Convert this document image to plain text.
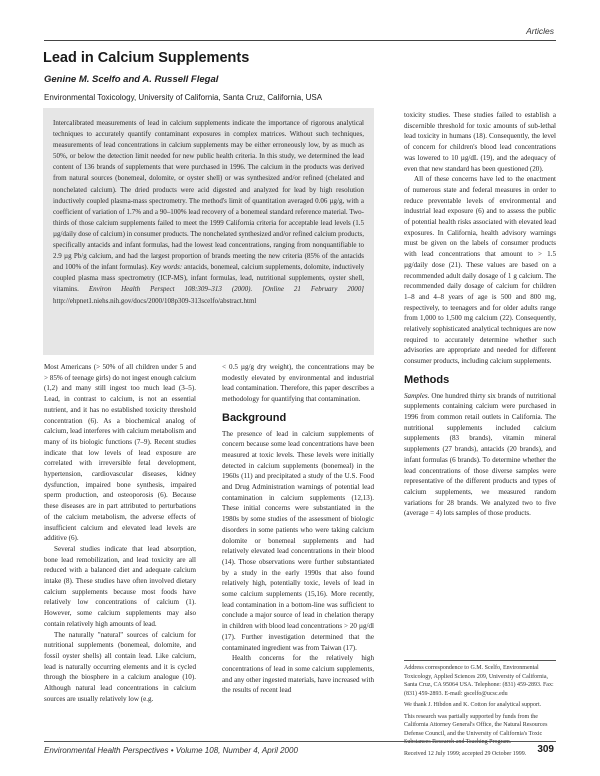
Articles
Lead in Calcium Supplements
Genine M. Scelfo and A. Russell Flegal
Environmental Toxicology, University of California, Santa Cruz, California, USA

Intercalibrated measurements of lead in calcium supplements indicate the importance of rigorous analytical techniques to accurately quantify contaminant exposures in complex matrices. Without such techniques, measurements of lead concentrations in calcium supplements may be either erroneously low, by as much as 50%, or below the detection limit needed for new public health criteria. In this study, we determined the lead content of 136 brands of supplements that were purchased in 1996. The calcium in the products was derived from natural sources (bonemeal, dolomite, or oyster shell) or was synthesized and/or refined (chelated and nonchelated calcium). The dried products were acid digested and analyzed for lead by high resolution inductively coupled plasma-mass spectrometry. The method's limit of quantitation averaged 0.06 µg/g, with a coefficient of variation of 1.7% and a 90–100% lead recovery of a bonemeal standard reference material. Two-thirds of those calcium supplements failed to meet the 1999 California criteria for acceptable lead levels (1.5 µg/daily dose of calcium) in consumer products. The nonchelated synthesized and/or refined calcium products, specifically antacids and infant formulas, had the lowest lead concentrations, ranging from nonquantifiable to 2.9 µg Pb/g calcium, and had the largest proportion of brands meeting the new criteria (85% of the antacids and 100% of the infant formulas). Key words: antacids, bonemeal, calcium supplements, dolomite, inductively coupled plasma mass spectrometry (ICP-MS), infant formulas, lead, nutritional supplements, oyster shell, vitamins. Environ Health Perspect 108:309–313 (2000). [Online 21 February 2000] http://ehpnet1.niehs.nih.gov/docs/2000/108p309-313scelfo/abstract.html

Most Americans (> 50% of all children under 5 and > 85% of teenage girls) do not ingest enough calcium (1,2) and many still ingest too much lead (3–5). Lead, in contrast to calcium, is not an essential nutrient, and it has no established toxicity threshold concentration (6). As a biochemical analog of calcium, lead interferes with calcium metabolism and many of its biologic functions (7–9). Recent studies indicate that low levels of lead exposure are correlated with irreversible fetal development, hypertension, cardiovascular diseases, kidney dysfunction, impaired bone synthesis, impaired sperm production, and osteoporosis (6). Because these diseases are in part attributed to perturbations of the calcium metabolism, the adverse effects of insufficient calcium and elevated lead levels are additive (6).

Several studies indicate that lead absorption, bone lead remobilization, and lead toxicity are all reduced with a balanced diet and adequate calcium intake (8). These studies have often involved dietary calcium supplements because most foods have relatively low concentrations of calcium (1). However, some calcium supplements may also contain relatively high amounts of lead.

The naturally "natural" sources of calcium for nutritional supplements (bonemeal, dolomite, and fossil oyster shells) all contain lead. Like calcium, lead is naturally occurring elements and it is cycled through the biosphere in a calcium analogue (10). Although natural lead concentrations in calcium sources are usually relatively low (e.g.

< 0.5 µg/g dry weight), the concentrations may be modestly elevated by environmental and industrial lead contamination. Therefore, this paper describes a methodology for quantifying that contamination.

Background

The presence of lead in calcium supplements of concern because some lead concentrations have been measured at toxic levels. These levels were initially detected in calcium supplements (bonemeal) in the 1960s (11) and precipitated a study of the U.S. Food and Drug Administration warnings of potential lead contamination in calcium supplements (12,13). These initial concerns were substantiated in the 1980s by some studies of the assessment of biologic disorders in some patients who were taking calcium dolomite or bonemeal supplements and had relatively elevated lead concentrations in their blood (14). Those observations were further substantiated by a study in the early 1990s that also found relatively high, potentially toxic, levels of lead in some calcium supplements (15,16). More recently, lead contamination in a bottom-line was sufficient to conclude a major source of lead in chelation therapy in children with blood lead concentrations > 20 µg/dl (17). Further investigation determined that the contaminated ingredient was from Taiwan (17).

Health concerns for the relatively high concentrations of lead in some calcium supplements, and any other ingested materials, have increased with the results of recent lead

toxicity studies. These studies failed to establish a discernible threshold for toxic amounts of sub-lethal lead toxicity in humans (18). Consequently, the level of concern for children's blood lead concentrations was lowered to 10 µg/dL (19), and the adequacy of even that new standard has been questioned (20).

All of these concerns have led to the enactment of numerous state and federal measures in order to reduce preventable levels of environmental and industrial lead exposure (6) and to assess the public of potential health risks associated with elevated lead exposures. In California, health advisory warnings must be given on the labels of consumer products with lead concentrations that amount to > 1.5 µg/daily dose (21). These values are based on a recommended adult daily dosage of 1 g calcium. The recommended daily dosage of calcium for children 1–8 and 4–8 years of age is 500 and 800 mg, respectively, to teenagers and for older adults range from 1,000 to 1,500 mg calcium (22). Consequently, relatively sophisticated analytical techniques are now required to accurately determine whether such advisories are appropriate and needed for different consumer products, including calcium supplements.

Methods

Samples. One hundred thirty six brands of nutritional supplements containing calcium were purchased in 1996 from common retail outlets in California. The nutritional supplements included calcium supplements (83 brands), vitamin mineral supplements (27 brands), antacids (20 brands), and infant formulas (6 brands). To determine whether the lead concentrations of those diverse samples were representative of the different products and types of calcium supplements, we measured random variations for 28 brands. We analyzed two to five (average = 4) lots samples of those products.

Address correspondence to G.M. Scelfo, Environmental Toxicology, Applied Sciences 209, University of California, Santa Cruz, CA 95064 USA. Telephone: (831) 459-2893. Fax: (831) 459-2893. E-mail: gscelfo@ucsc.edu

We thank J. Hibdon and K. Cotton for analytical support.

This research was partially supported by funds from the California Attorney General's Office, the Natural Resources Defense Council, and the University of California's Toxic Substances Research and Teaching Program.

Received 12 July 1999; accepted 29 October 1999.

Environmental Health Perspectives • Volume 108, Number 4, April 2000	309
